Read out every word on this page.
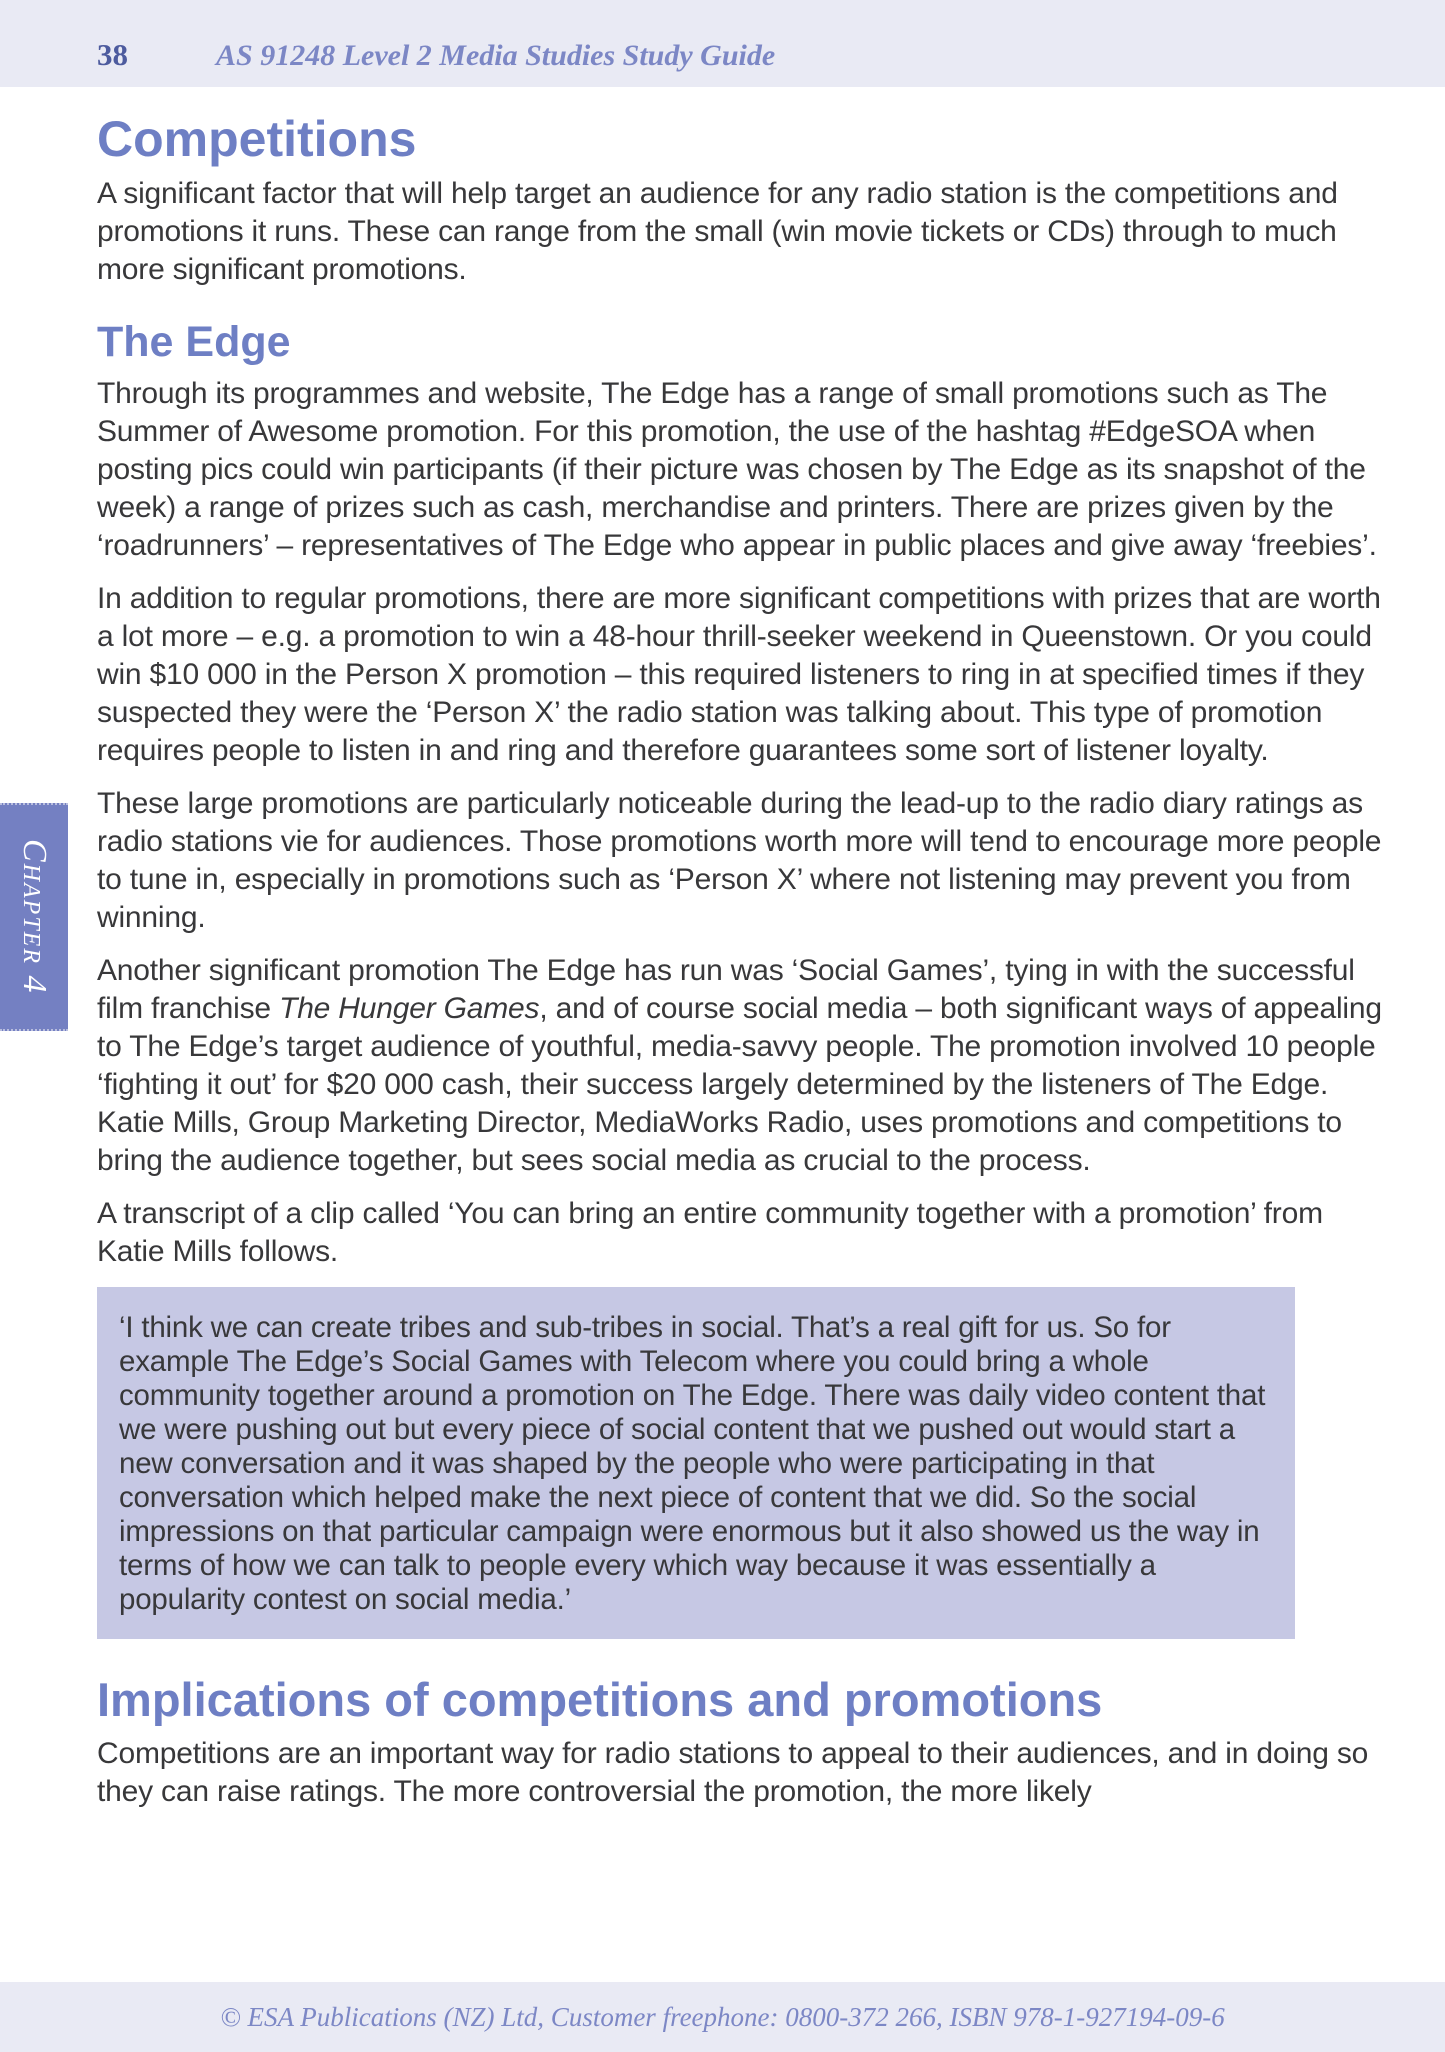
38	AS 91248 Level 2 Media Studies Study Guide
Competitions

A significant factor that will help target an audience for any radio station is the competitions and promotions it runs. These can range from the small (win movie tickets or CDs) through to much more significant promotions.

The Edge

Through its programmes and website, The Edge has a range of small promotions such as The Summer of Awesome promotion. For this promotion, the use of the hashtag #EdgeSOA when posting pics could win participants (if their picture was chosen by The Edge as its snapshot of the week) a range of prizes such as cash, merchandise and printers. There are prizes given by the ‘roadrunners’ – representatives of The Edge who appear in public places and give away ‘freebies’.

In addition to regular promotions, there are more significant competitions with prizes that are worth a lot more – e.g. a promotion to win a 48-hour thrill-seeker weekend in Queenstown. Or you could win $10 000 in the Person X promotion – this required listeners to ring in at specified times if they suspected they were the ‘Person X’ the radio station was talking about. This type of promotion requires people to listen in and ring and therefore guarantees some sort of listener loyalty.

These large promotions are particularly noticeable during the lead-up to the radio diary ratings as radio stations vie for audiences. Those promotions worth more will tend to encourage more people to tune in, especially in promotions such as ‘Person X’ where not listening may prevent you from winning.

Another significant promotion The Edge has run was ‘Social Games’, tying in with the successful film franchise The Hunger Games, and of course social media – both significant ways of appealing to The Edge’s target audience of youthful, media-savvy people. The promotion involved 10 people ‘fighting it out’ for $20 000 cash, their success largely determined by the listeners of The Edge. Katie Mills, Group Marketing Director, MediaWorks Radio, uses promotions and competitions to bring the audience together, but sees social media as crucial to the process.

A transcript of a clip called ‘You can bring an entire community together with a promotion’ from Katie Mills follows.

‘I think we can create tribes and sub-tribes in social. That’s a real gift for us. So for example The Edge’s Social Games with Telecom where you could bring a whole community together around a promotion on The Edge. There was daily video content that we were pushing out but every piece of social content that we pushed out would start a new conversation and it was shaped by the people who were participating in that conversation which helped make the next piece of content that we did. So the social impressions on that particular campaign were enormous but it also showed us the way in terms of how we can talk to people every which way because it was essentially a popularity contest on social media.’

Implications of competitions and promotions

Competitions are an important way for radio stations to appeal to their audiences, and in doing so they can raise ratings. The more controversial the promotion, the more likely

Chapter 4
© ESA Publications (NZ) Ltd, Customer freephone: 0800-372 266, ISBN 978-1-927194-09-6
